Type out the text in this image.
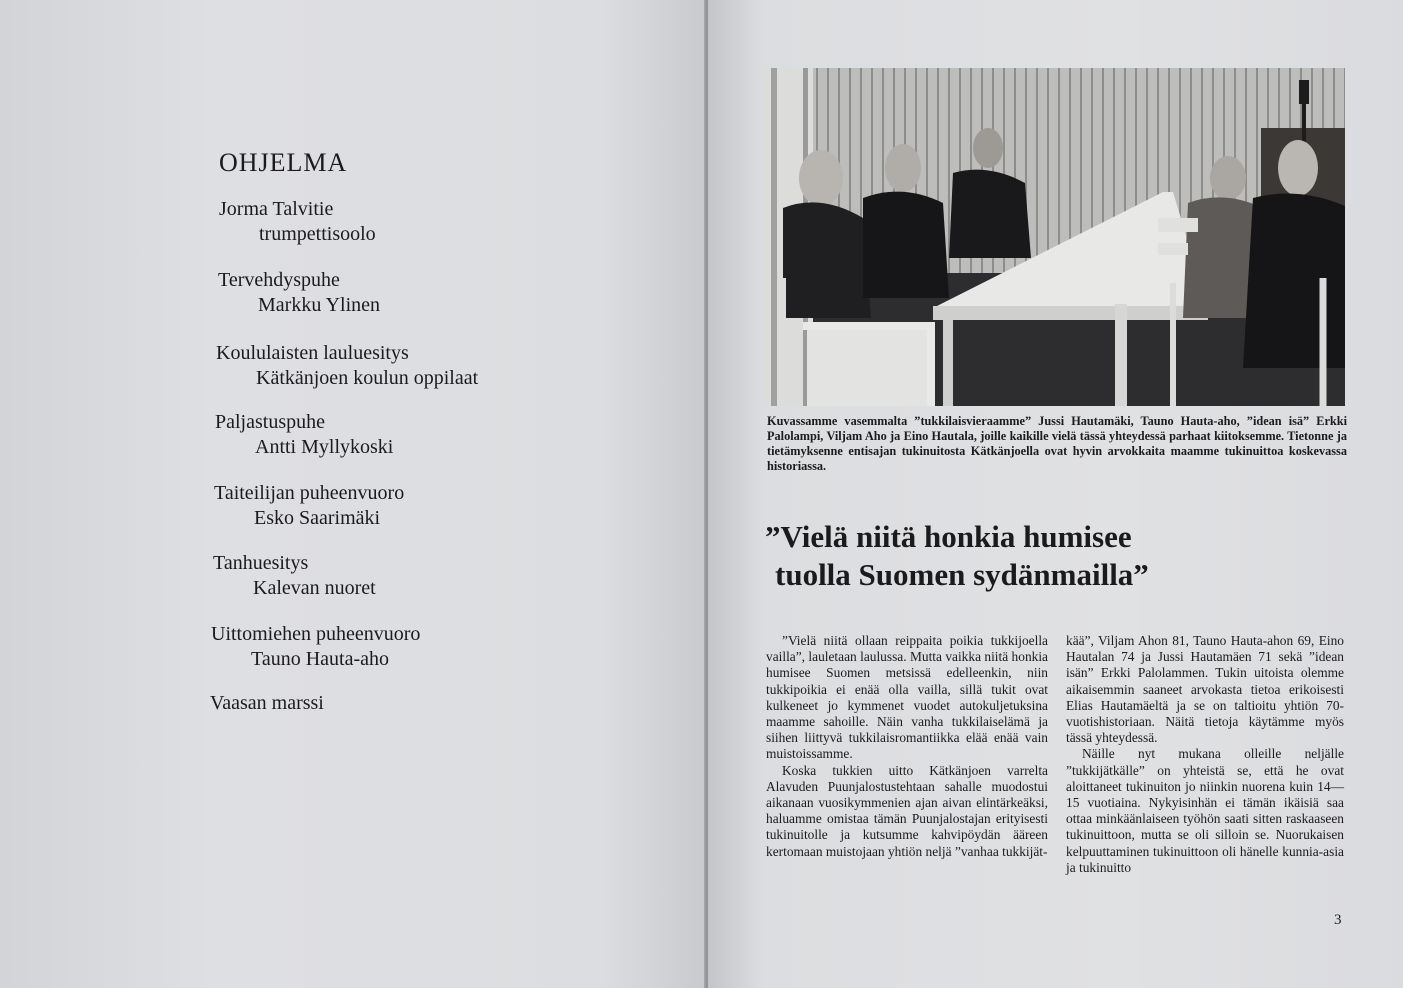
OHJELMA
Jorma Talvitie
trumpettisoolo
Tervehdyspuhe
Markku Ylinen
Koululaisten lauluesitys
Kätkänjoen koulun oppilaat
Paljastuspuhe
Antti Myllykoski
Taiteilijan puheenvuoro
Esko Saarimäki
Tanhuesitys
Kalevan nuoret
Uittomiehen puheenvuoro
Tauno Hauta-aho
Vaasan marssi

Kuvassamme vasemmalta ”tukkilaisvieraamme” Jussi Hautamäki, Tauno Hauta-aho, ”idean isä” Erkki Palolampi, Viljam Aho ja Eino Hautala, joille kaikille vielä tässä yhteydessä parhaat kiitoksemme. Tietonne ja tietämyksenne entisajan tukinuitosta Kätkänjoella ovat hyvin arvokkaita maamme tukinuittoa koskevassa historiassa.

”Vielä niitä honkia humisee
tuolla Suomen sydänmailla”

”Vielä niitä ollaan reippaita poikia tukkijoella vailla”, lauletaan laulussa. Mutta vaikka niitä honkia humisee Suomen metsissä edelleenkin, niin tukkipoikia ei enää olla vailla, sillä tukit ovat kulkeneet jo kymmenet vuodet autokuljetuksina maamme sahoille. Näin vanha tukkilaiselämä ja siihen liittyvä tukkilaisromantiikka elää enää vain muistoissamme.

Koska tukkien uitto Kätkänjoen varrelta Alavuden Puunjalostustehtaan sahalle muodostui aikanaan vuosikymmenien ajan aivan elintärkeäksi, haluamme omistaa tämän Puunjalostajan erityisesti tukinuitolle ja kutsumme kahvipöydän ääreen kertomaan muistojaan yhtiön neljä ”vanhaa tukkijät-

kää”, Viljam Ahon 81, Tauno Hauta-ahon 69, Eino Hautalan 74 ja Jussi Hautamäen 71 sekä ”idean isän” Erkki Palolammen. Tukin uitoista olemme aikaisemmin saaneet arvokasta tietoa erikoisesti Elias Hautamäeltä ja se on taltioitu yhtiön 70-vuotishistoriaan. Näitä tietoja käytämme myös tässä yhteydessä.

Näille nyt mukana olleille neljälle ”tukkijätkälle” on yhteistä se, että he ovat aloittaneet tukinuiton jo niinkin nuorena kuin 14—15 vuotiaina. Nykyisinhän ei tämän ikäisiä saa ottaa minkäänlaiseen työhön saati sitten raskaaseen tukinuittoon, mutta se oli silloin se. Nuorukaisen kelpuuttaminen tukinuittoon oli hänelle kunnia-asia ja tukinuitto

3
